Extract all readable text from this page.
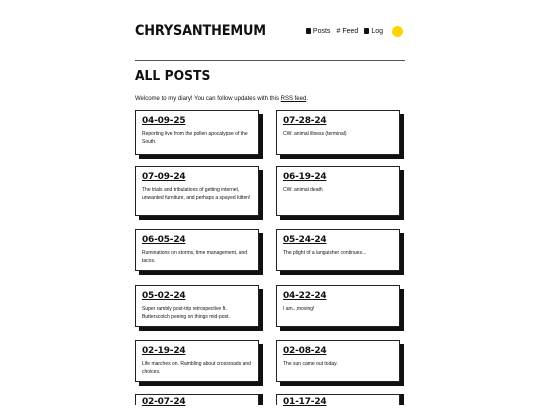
CHRYSANTHEMUM	Posts # Feed Log
ALL POSTS
Welcome to my diary! You can follow updates with this RSS feed.
04-09-25
Reporting live from the pollen apocalypse of the South.
07-28-24
CW: animal illness (terminal)
07-09-24
The trials and tribulations of getting internet, unwanted furniture, and perhaps a spayed kitten!
06-19-24
CW: animal death
06-05-24
Ruminations on storms, time management, and tacos.
05-24-24
The plight of a languisher continues...
05-02-24
Super rambly post-trip retrospective ft. Butterscotch peeing on things mid-post.
04-22-24
I am...moving!
02-19-24
Life marches on. Rambling about crossroads and choices.
02-08-24
The sun came out today.
02-07-24	01-17-24
